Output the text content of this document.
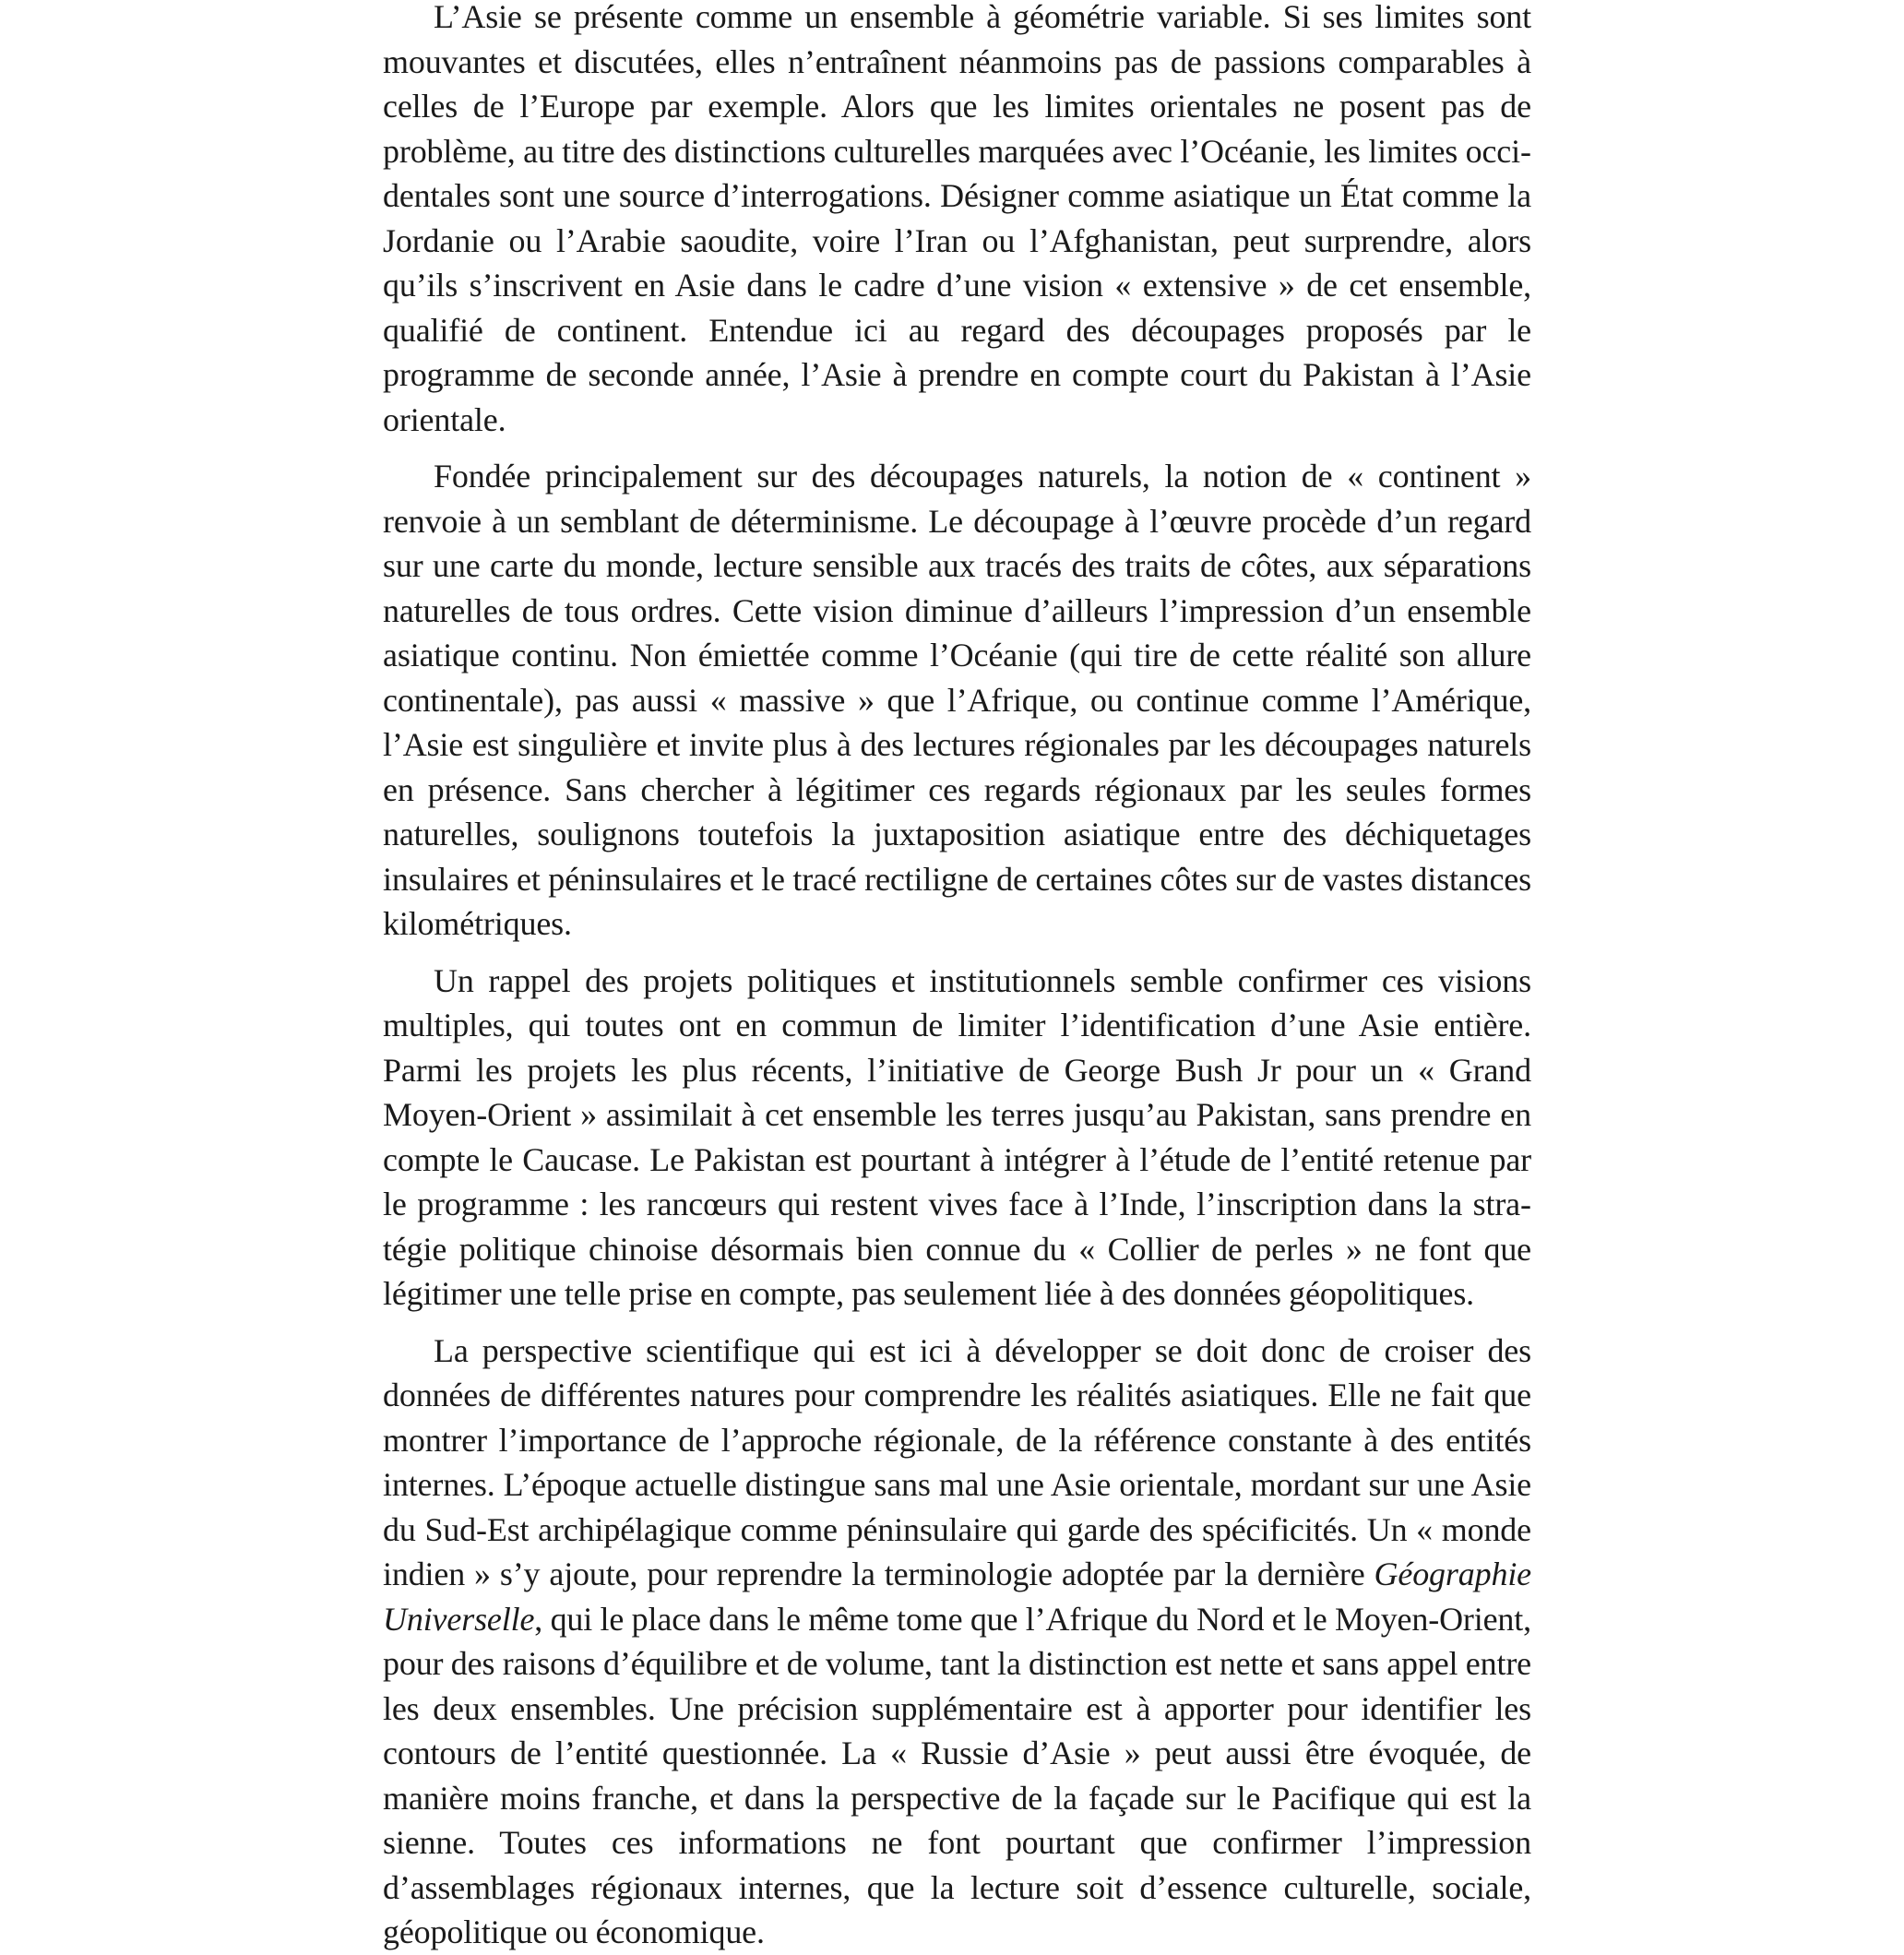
L’Asie se présente comme un ensemble à géométrie variable. Si ses limites sont mouvantes et discutées, elles n’entraînent néanmoins pas de passions comparables à celles de l’Europe par exemple. Alors que les limites orientales ne posent pas de problème, au titre des distinctions culturelles marquées avec l’Océanie, les limites occidentales sont une source d’interrogations. Désigner comme asiatique un État comme la Jordanie ou l’Arabie saoudite, voire l’Iran ou l’Afghanistan, peut surprendre, alors qu’ils s’inscrivent en Asie dans le cadre d’une vision « extensive » de cet ensemble, qualifié de continent. Entendue ici au regard des découpages proposés par le programme de seconde année, l’Asie à prendre en compte court du Pakistan à l’Asie orientale.

Fondée principalement sur des découpages naturels, la notion de « continent » renvoie à un semblant de déterminisme. Le découpage à l’œuvre procède d’un regard sur une carte du monde, lecture sensible aux tracés des traits de côtes, aux séparations naturelles de tous ordres. Cette vision diminue d’ailleurs l’impression d’un ensemble asiatique continu. Non émiettée comme l’Océanie (qui tire de cette réalité son allure continentale), pas aussi « massive » que l’Afrique, ou continue comme l’Amérique, l’Asie est singulière et invite plus à des lectures régionales par les découpages naturels en présence. Sans chercher à légitimer ces regards régionaux par les seules formes naturelles, soulignons toutefois la juxtaposition asiatique entre des déchiquetages insulaires et péninsulaires et le tracé rectiligne de certaines côtes sur de vastes distances kilométriques.

Un rappel des projets politiques et institutionnels semble confirmer ces visions multiples, qui toutes ont en commun de limiter l’identification d’une Asie entière. Parmi les projets les plus récents, l’initiative de George Bush Jr pour un « Grand Moyen-Orient » assimilait à cet ensemble les terres jusqu’au Pakistan, sans prendre en compte le Caucase. Le Pakistan est pourtant à intégrer à l’étude de l’entité retenue par le programme : les rancœurs qui restent vives face à l’Inde, l’inscription dans la stratégie politique chinoise désormais bien connue du « Collier de perles » ne font que légitimer une telle prise en compte, pas seulement liée à des données géopolitiques.

La perspective scientifique qui est ici à développer se doit donc de croiser des données de différentes natures pour comprendre les réalités asiatiques. Elle ne fait que montrer l’importance de l’approche régionale, de la référence constante à des entités internes. L’époque actuelle distingue sans mal une Asie orientale, mordant sur une Asie du Sud-Est archipélagique comme péninsulaire qui garde des spécificités. Un « monde indien » s’y ajoute, pour reprendre la terminologie adoptée par la dernière Géographie Universelle, qui le place dans le même tome que l’Afrique du Nord et le Moyen-Orient, pour des raisons d’équilibre et de volume, tant la distinction est nette et sans appel entre les deux ensembles. Une précision supplémentaire est à apporter pour identifier les contours de l’entité questionnée. La « Russie d’Asie » peut aussi être évoquée, de manière moins franche, et dans la perspective de la façade sur le Pacifique qui est la sienne. Toutes ces informations ne font pourtant que confirmer l’impression d’assemblages régionaux internes, que la lecture soit d’essence culturelle, sociale, géopolitique ou économique.
